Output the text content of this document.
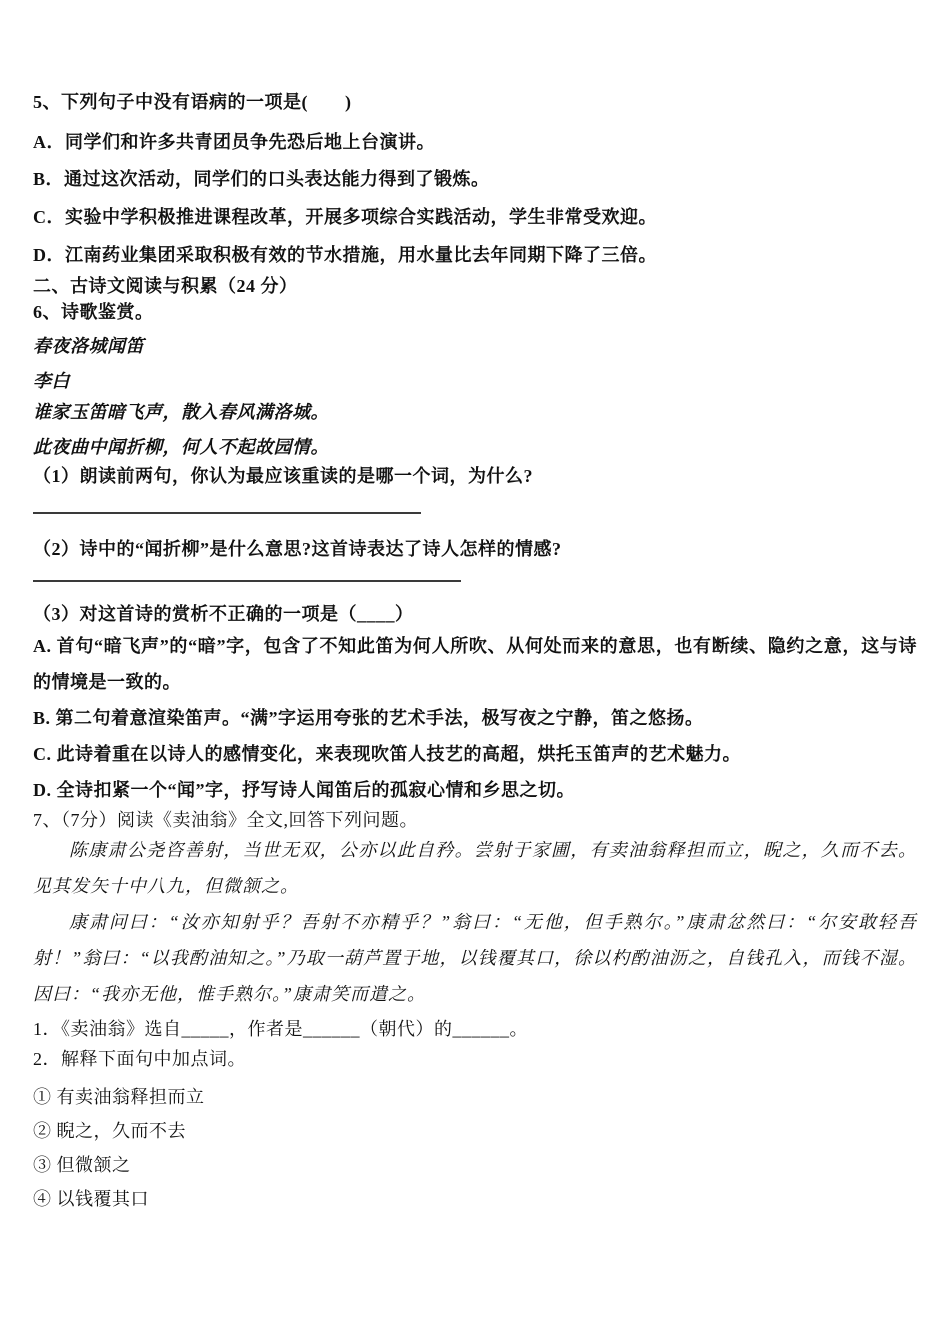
5、下列句子中没有语病的一项是(　　)
A．同学们和许多共青团员争先恐后地上台演讲。
B．通过这次活动，同学们的口头表达能力得到了锻炼。
C．实验中学积极推进课程改革，开展多项综合实践活动，学生非常受欢迎。
D．江南药业集团采取积极有效的节水措施，用水量比去年同期下降了三倍。
二、古诗文阅读与积累（24 分）
6、诗歌鉴赏。
春夜洛城闻笛
李白
谁家玉笛暗飞声，散入春风满洛城。
此夜曲中闻折柳，何人不起故园情。
（1）朗读前两句，你认为最应该重读的是哪一个词，为什么?
（2）诗中的“闻折柳”是什么意思?这首诗表达了诗人怎样的情感?
（3）对这首诗的赏析不正确的一项是（____）
A. 首句“暗飞声”的“暗”字，包含了不知此笛为何人所吹、从何处而来的意思，也有断续、隐约之意，这与诗的情境是一致的。
B. 第二句着意渲染笛声。“满”字运用夸张的艺术手法，极写夜之宁静，笛之悠扬。
C. 此诗着重在以诗人的感情变化，来表现吹笛人技艺的高超，烘托玉笛声的艺术魅力。
D. 全诗扣紧一个“闻”字，抒写诗人闻笛后的孤寂心情和乡思之切。
7、（7分）阅读《卖油翁》全文,回答下列问题。
陈康肃公尧咨善射，当世无双，公亦以此自矜。尝射于家圃，有卖油翁释担而立，睨之，久而不去。见其发矢十中八九，但微颔之。
康肃问曰：“汝亦知射乎？吾射不亦精乎？”翁曰：“无他，但手熟尔。”康肃忿然曰：“尔安敢轻吾射！”翁曰：“以我酌油知之。”乃取一葫芦置于地，以钱覆其口，徐以杓酌油沥之，自钱孔入，而钱不湿。因曰：“我亦无他，惟手熟尔。”康肃笑而遣之。
1．《卖油翁》选自_____，作者是______（朝代）的______。
2．解释下面句中加点词。
① 有卖油翁释担而立
② 睨之，久而不去
③ 但微颔之
④ 以钱覆其口
